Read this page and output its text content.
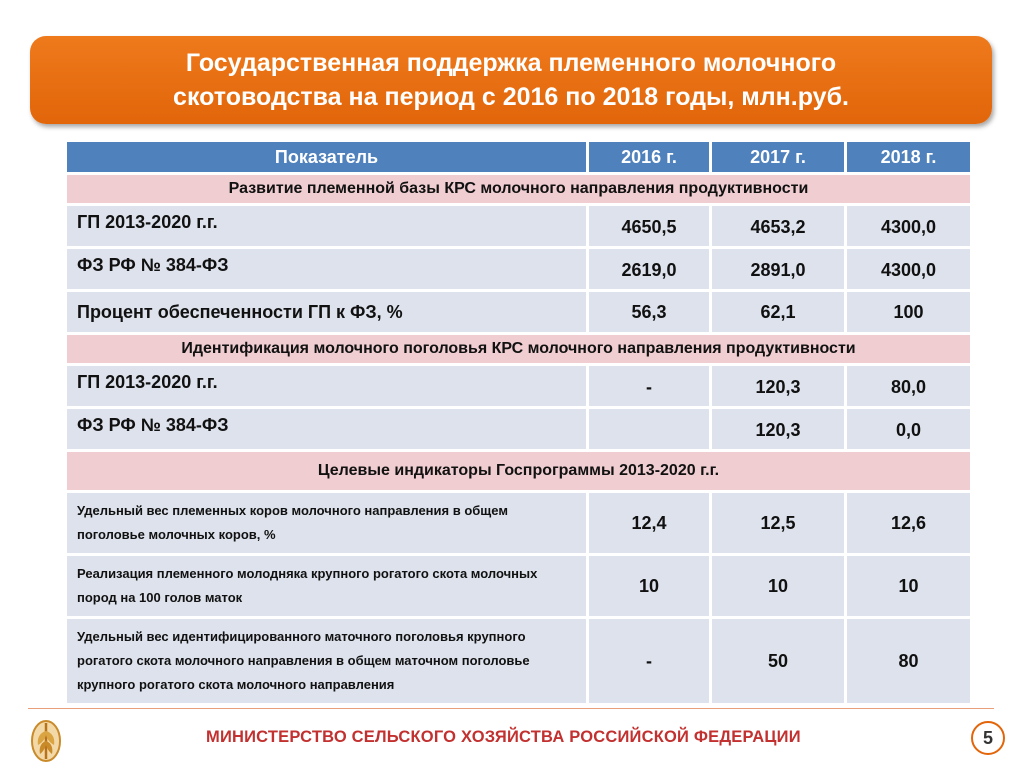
Государственная поддержка племенного молочного
скотоводства на период с 2016 по 2018 годы, млн.руб.
Показатель	2016 г.	2017 г.	2018 г.
Развитие племенной базы КРС молочного направления продуктивности			
ГП 2013-2020 г.г.	4650,5	4653,2	4300,0
ФЗ РФ № 384-ФЗ	2619,0	2891,0	4300,0
Процент обеспеченности ГП к ФЗ, %	56,3	62,1	100
Идентификация молочного поголовья КРС молочного направления продуктивности			
ГП 2013-2020 г.г.	-	120,3	80,0
ФЗ РФ № 384-ФЗ		120,3	0,0
Целевые индикаторы Госпрограммы 2013-2020 г.г.			
Удельный вес племенных коров молочного направления в общем поголовье молочных коров, %	12,4	12,5	12,6
Реализация племенного молодняка крупного рогатого скота молочных пород на 100 голов маток	10	10	10
Удельный вес идентифицированного маточного поголовья крупного рогатого скота молочного направления в общем маточном поголовье крупного рогатого скота молочного направления	-	50	80
МИНИСТЕРСТВО СЕЛЬСКОГО ХОЗЯЙСТВА РОССИЙСКОЙ ФЕДЕРАЦИИ	5
